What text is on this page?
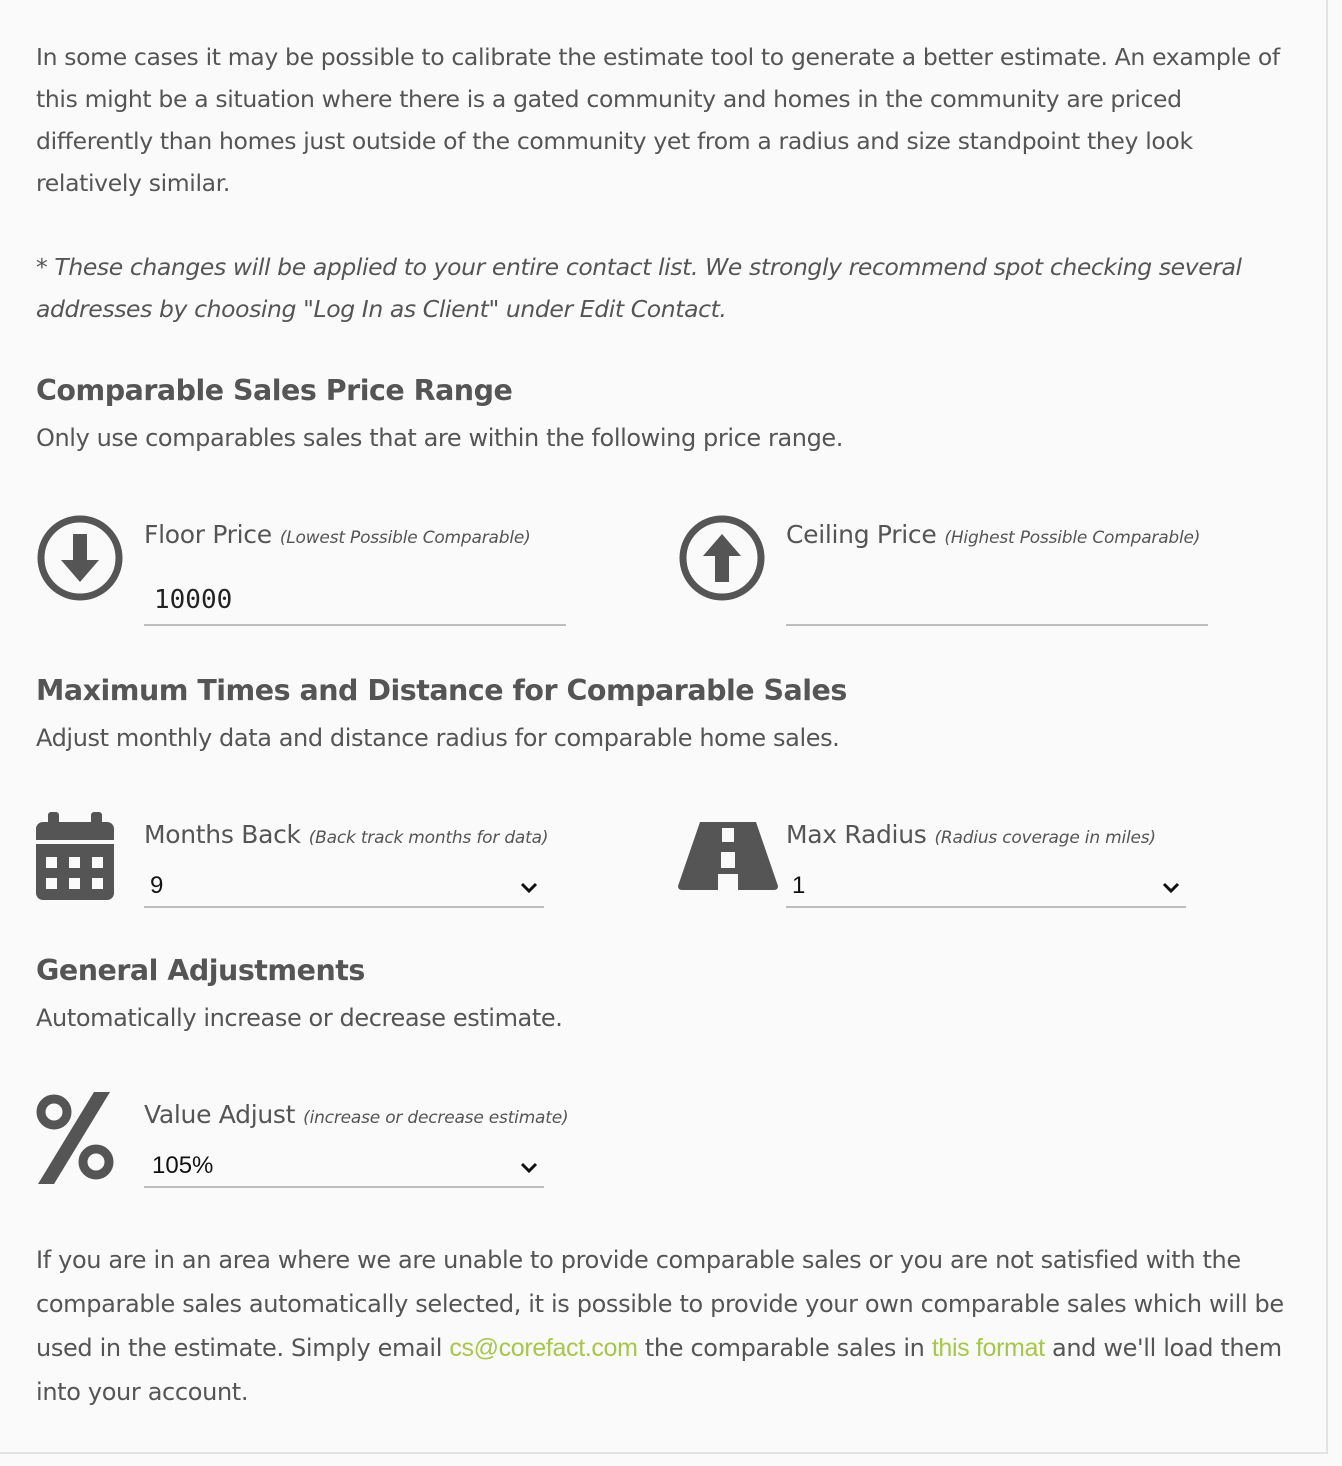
In some cases it may be possible to calibrate the estimate tool to generate a better estimate. An example of this might be a situation where there is a gated community and homes in the community are priced differently than homes just outside of the community yet from a radius and size standpoint they look relatively similar.

* These changes will be applied to your entire contact list. We strongly recommend spot checking several addresses by choosing "Log In as Client" under Edit Contact.

Comparable Sales Price Range

Only use comparables sales that are within the following price range.

Floor Price (Lowest Possible Comparable)
10000	Ceiling Price (Highest Possible Comparable)
Maximum Times and Distance for Comparable Sales

Adjust monthly data and distance radius for comparable home sales.

Months Back (Back track months for data)
9
Max Radius (Radius coverage in miles)
1
General Adjustments

Automatically increase or decrease estimate.

Value Adjust (increase or decrease estimate)
105%

If you are in an area where we are unable to provide comparable sales or you are not satisfied with the comparable sales automatically selected, it is possible to provide your own comparable sales which will be used in the estimate. Simply email cs@corefact.com the comparable sales in this format and we'll load them into your account.
